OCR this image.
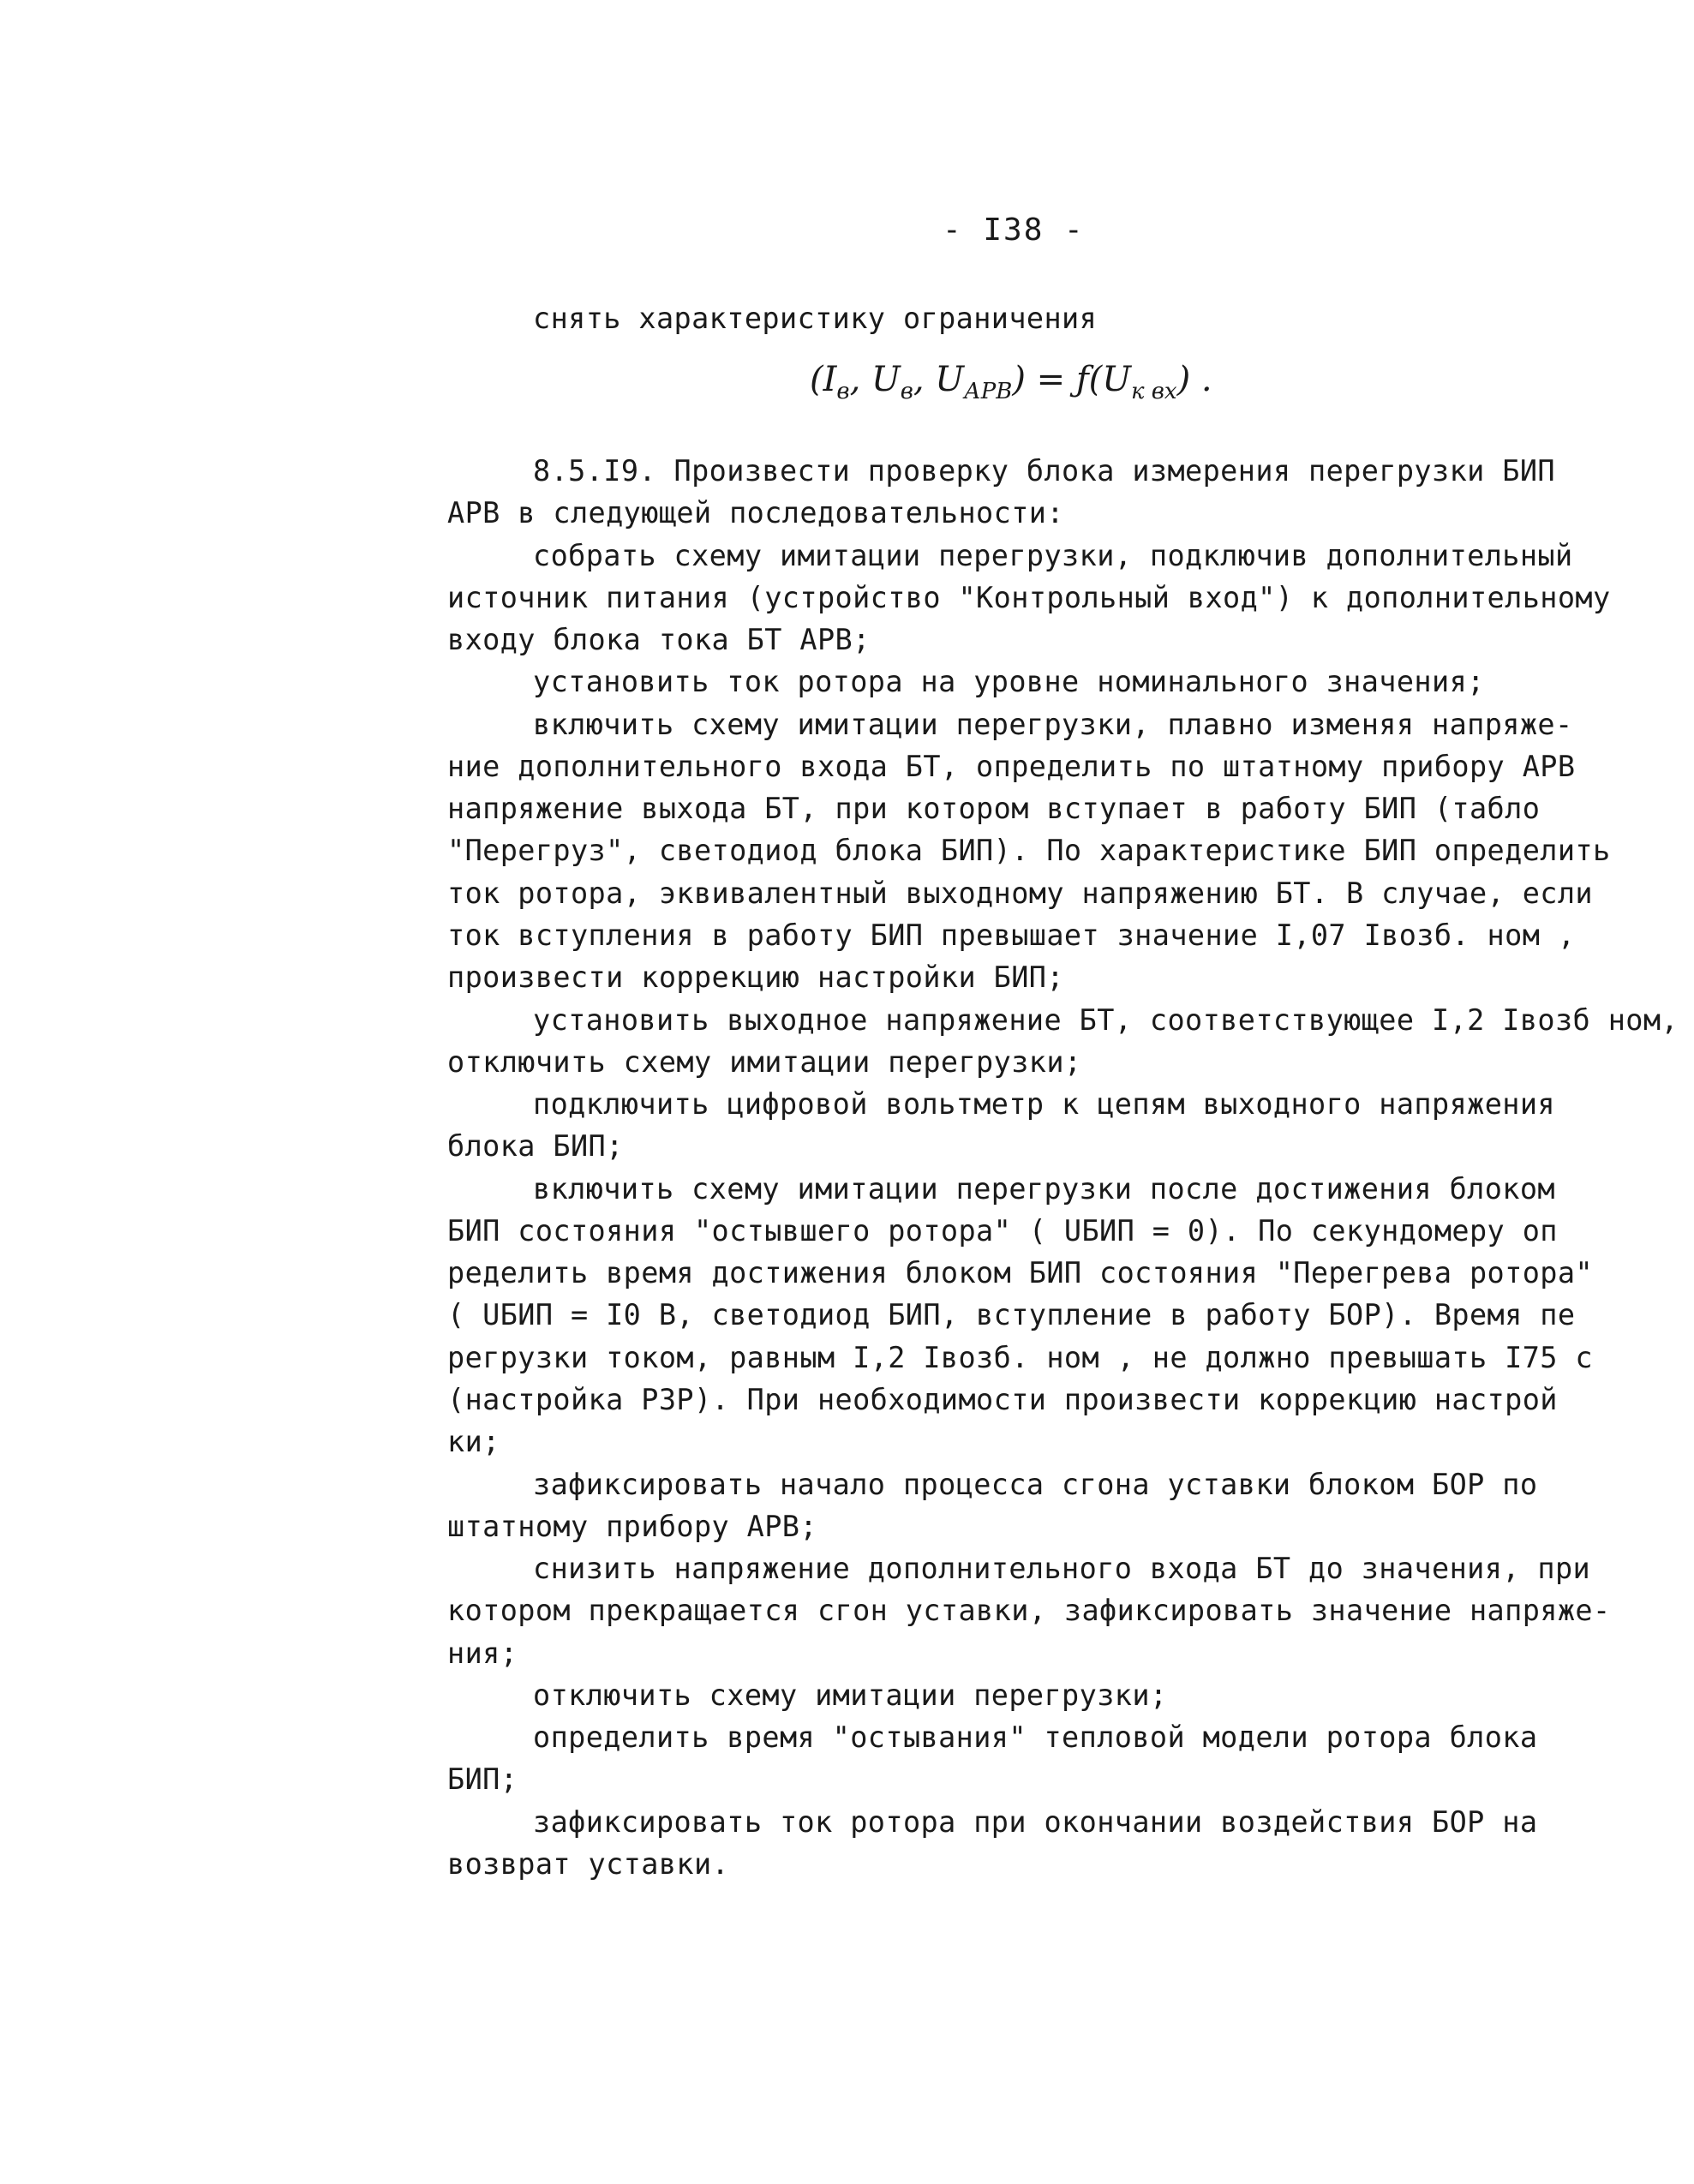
- I38 -
снять характеристику ограничения
($I_в$, $U_в$, $U_{АРВ}$) = $ƒ(U_{к вх})$ .
8.5.I9. Произвести проверку блока измерения перегрузки БИП
АРВ в следующей последовательности:
собрать схему имитации перегрузки, подключив дополнительный
источник питания (устройство "Контрольный вход") к дополнительному
входу блока тока БТ АРВ;
установить ток ротора на уровне номинального значения;
включить схему имитации перегрузки, плавно изменяя напряже-
ние дополнительного входа БТ, определить по штатному прибору АРВ
напряжение выхода БТ, при котором вступает в работу БИП (табло
"Перегруз", светодиод блока БИП). По характеристике БИП определить
ток ротора, эквивалентный выходному напряжению БТ. В случае, если
ток вступления в работу БИП превышает значение I,07 Iвозб. ном ,
произвести коррекцию настройки БИП;
установить выходное напряжение БТ, соответствующее I,2 Iвозб ном,
отключить схему имитации перегрузки;
подключить цифровой вольтметр к цепям выходного напряжения
блока БИП;
включить схему имитации перегрузки после достижения блоком
БИП состояния "остывшего ротора" ( UБИП = 0). По секундомеру оп
ределить время достижения блоком БИП состояния "Перегрева ротора"
( UБИП = I0 В, светодиод БИП, вступление в работу БОР). Время пе
регрузки током, равным I,2 Iвозб. ном , не должно превышать I75 с
(настройка РЗР). При необходимости произвести коррекцию настрой
ки;
зафиксировать начало процесса сгона уставки блоком БОР по
штатному прибору АРВ;
снизить напряжение дополнительного входа БТ до значения, при
котором прекращается сгон уставки, зафиксировать значение напряже-
ния;
отключить схему имитации перегрузки;
определить время "остывания" тепловой модели ротора блока
БИП;
зафиксировать ток ротора при окончании воздействия БОР на
возврат уставки.
